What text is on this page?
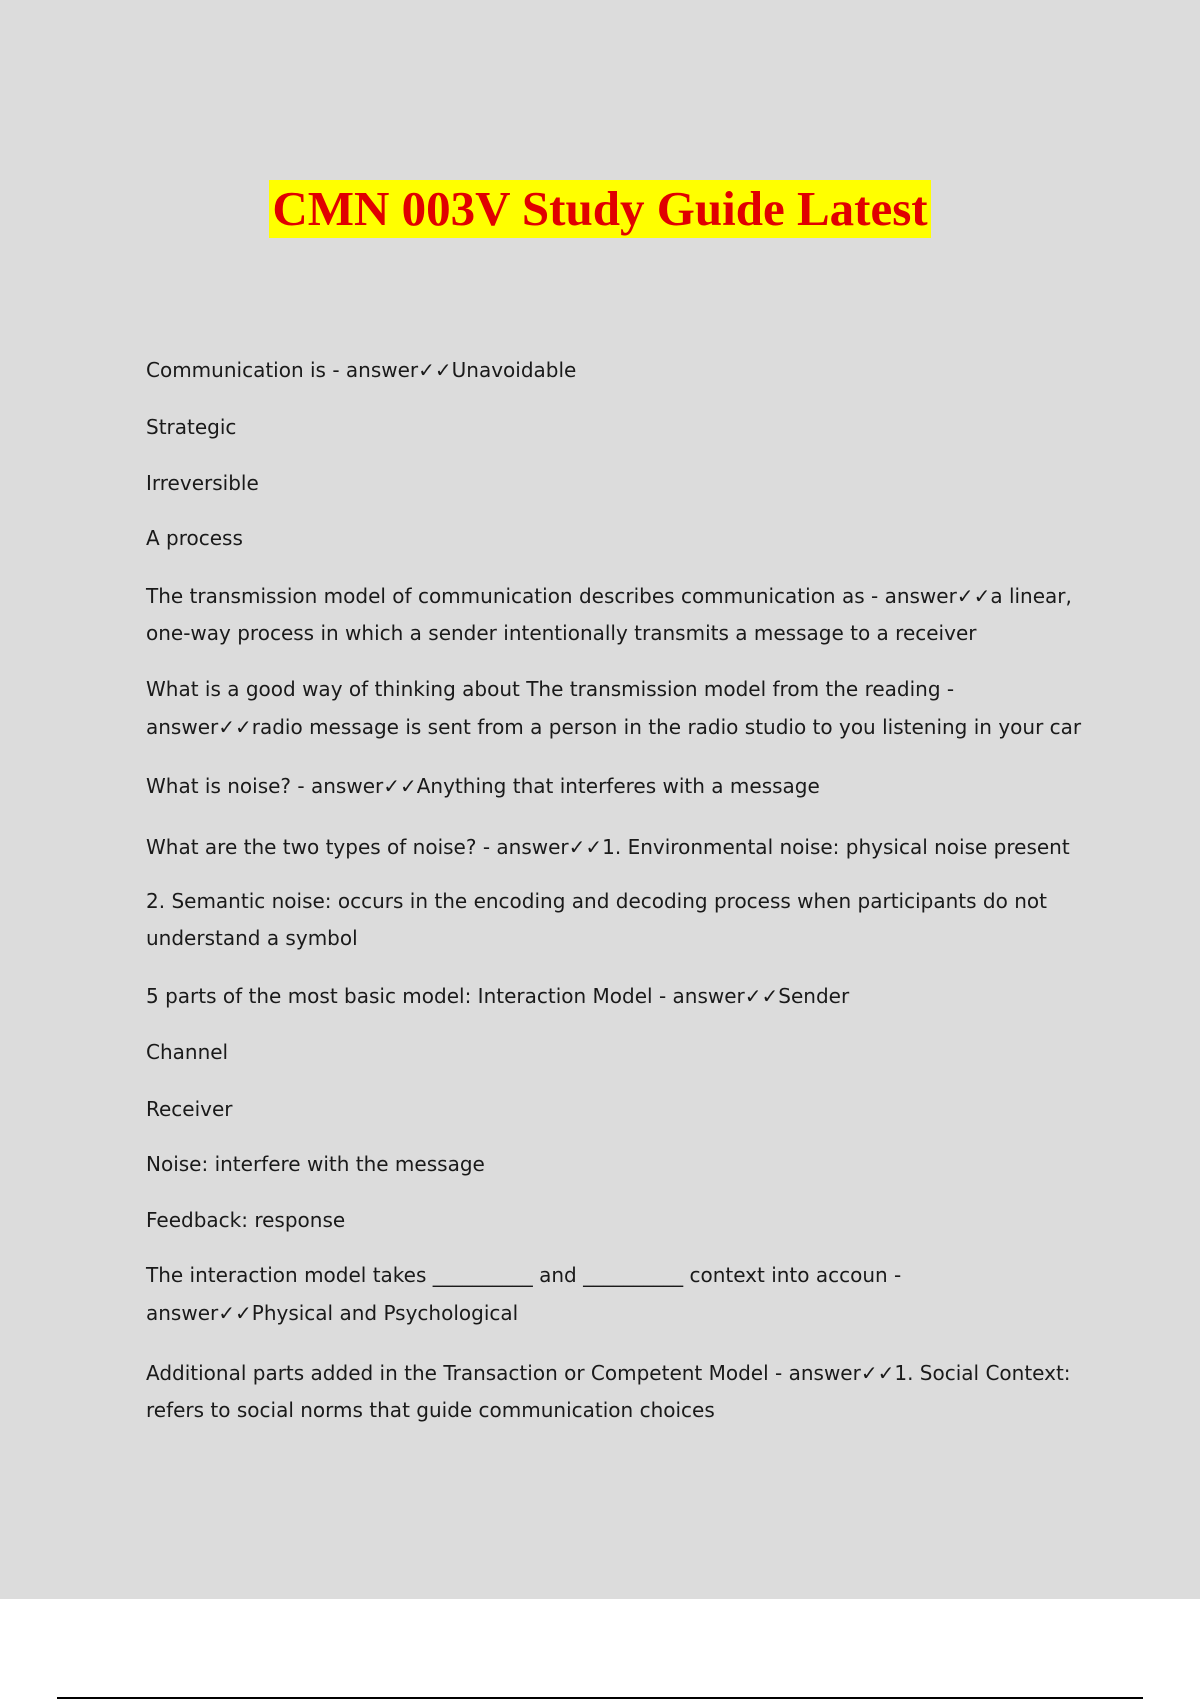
CMN 003V Study Guide Latest
Communication is - answer✓✓Unavoidable
Strategic
Irreversible
A process
The transmission model of communication describes communication as - answer✓✓a linear,
one-way process in which a sender intentionally transmits a message to a receiver
What is a good way of thinking about The transmission model from the reading -
answer✓✓radio message is sent from a person in the radio studio to you listening in your car
What is noise? - answer✓✓Anything that interferes with a message
What are the two types of noise? - answer✓✓1. Environmental noise: physical noise present
2. Semantic noise: occurs in the encoding and decoding process when participants do not
understand a symbol
5 parts of the most basic model: Interaction Model - answer✓✓Sender
Channel
Receiver
Noise: interfere with the message
Feedback: response
The interaction model takes __________ and __________ context into accoun -
answer✓✓Physical and Psychological
Additional parts added in the Transaction or Competent Model - answer✓✓1. Social Context:
refers to social norms that guide communication choices
